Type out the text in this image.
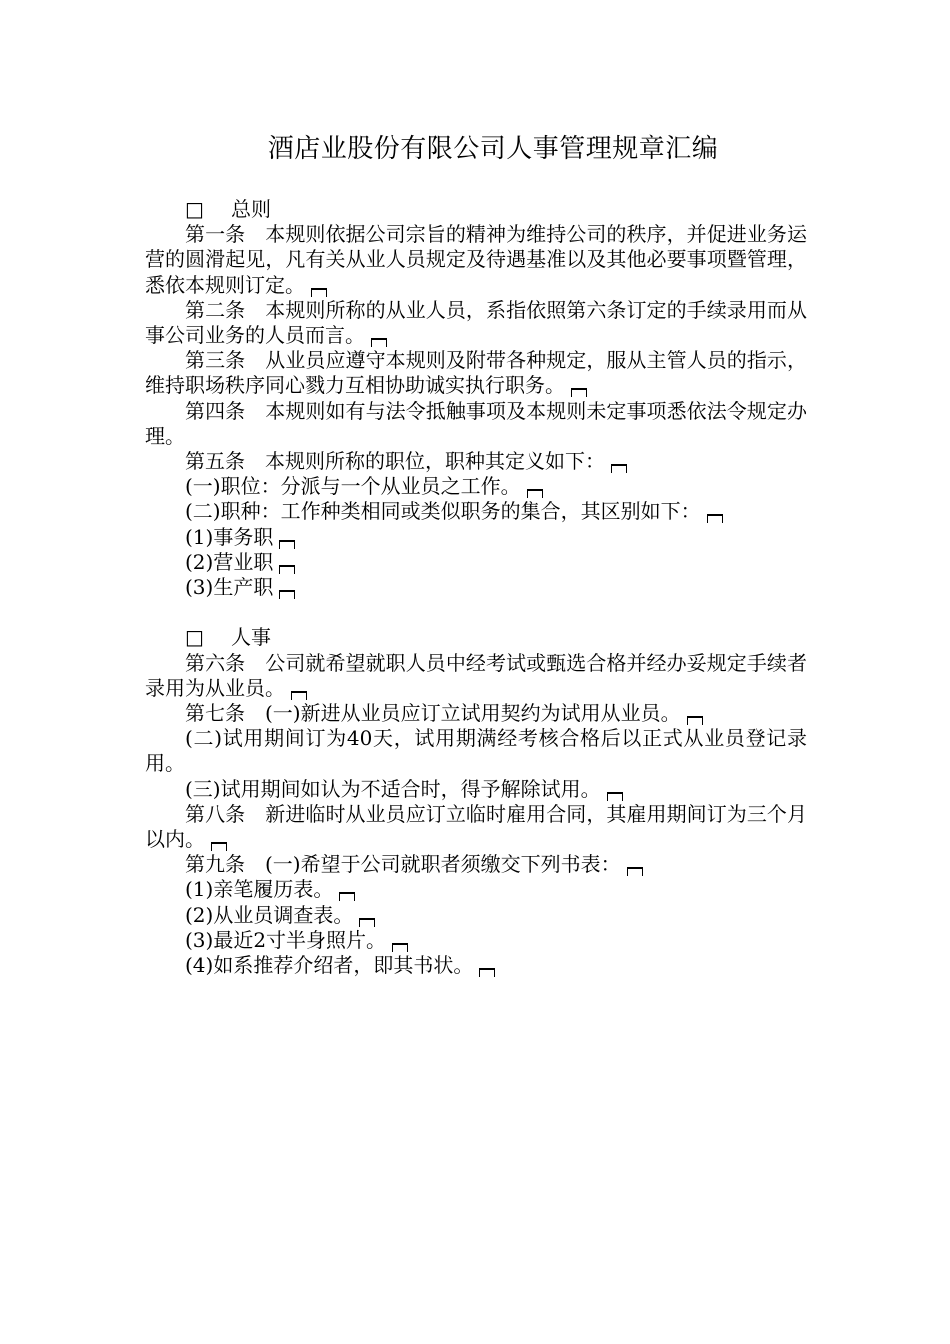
酒店业股份有限公司人事管理规章汇编
□ 总则
第一条　本规则依据公司宗旨的精神为维持公司的秩序，并促进业务运营的圆滑起见，凡有关从业人员规定及待遇基准以及其他必要事项暨管理，悉依本规则订定。
第二条　本规则所称的从业人员，系指依照第六条订定的手续录用而从事公司业务的人员而言。
第三条　从业员应遵守本规则及附带各种规定，服从主管人员的指示，维持职场秩序同心戮力互相协助诚实执行职务。
第四条　本规则如有与法令抵触事项及本规则未定事项悉依法令规定办理。
第五条　本规则所称的职位，职种其定义如下：
(一)职位：分派与一个从业员之工作。
(二)职种：工作种类相同或类似职务的集合，其区别如下：
(1)事务职
(2)营业职
(3)生产职
□ 人事
第六条　公司就希望就职人员中经考试或甄选合格并经办妥规定手续者录用为从业员。
第七条　(一)新进从业员应订立试用契约为试用从业员。
(二)试用期间订为40天，试用期满经考核合格后以正式从业员登记录用。
(三)试用期间如认为不适合时，得予解除试用。
第八条　新进临时从业员应订立临时雇用合同，其雇用期间订为三个月以内。
第九条　(一)希望于公司就职者须缴交下列书表：
(1)亲笔履历表。
(2)从业员调查表。
(3)最近2寸半身照片。
(4)如系推荐介绍者，即其书状。
